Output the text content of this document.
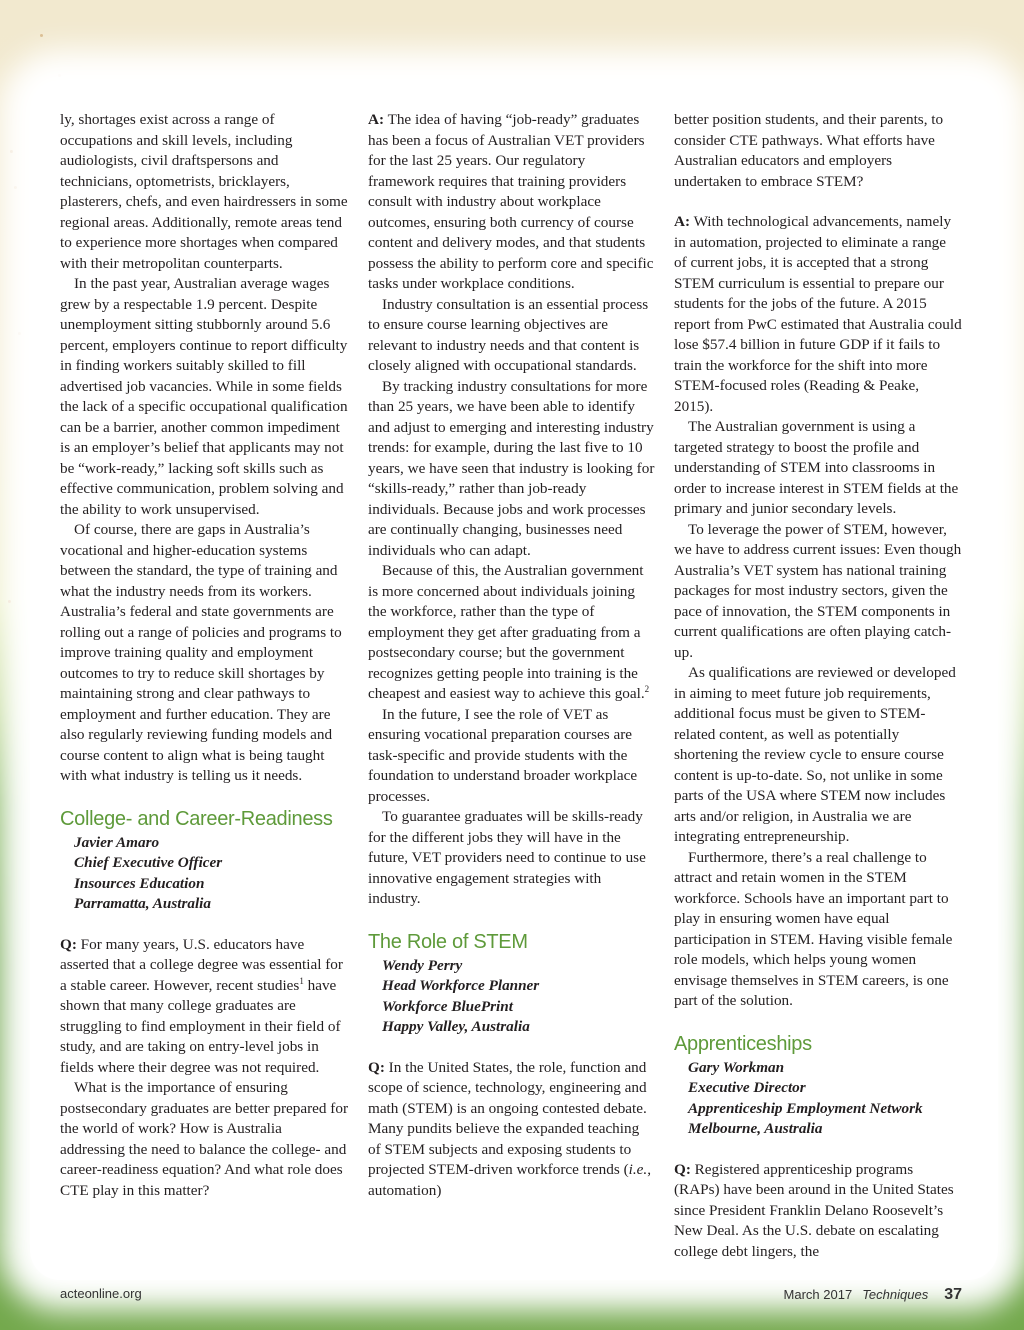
ly, shortages exist across a range of occupations and skill levels, including audiologists, civil draftspersons and technicians, optometrists, bricklayers, plasterers, chefs, and even hairdressers in some regional areas. Additionally, remote areas tend to experience more shortages when compared with their metropolitan counterparts.

In the past year, Australian average wages grew by a respectable 1.9 percent. Despite unemployment sitting stubbornly around 5.6 percent, employers continue to report difficulty in finding workers suitably skilled to fill advertised job vacancies. While in some fields the lack of a specific occupational qualification can be a barrier, another common impediment is an employer’s belief that applicants may not be “work-ready,” lacking soft skills such as effective communication, problem solving and the ability to work unsupervised.

Of course, there are gaps in Australia’s vocational and higher-education systems between the standard, the type of training and what the industry needs from its workers. Australia’s federal and state governments are rolling out a range of policies and programs to improve training quality and employment outcomes to try to reduce skill shortages by maintaining strong and clear pathways to employment and further education. They are also regularly reviewing funding models and course content to align what is being taught with what industry is telling us it needs.

College- and Career-Readiness

Javier Amaro

Chief Executive Officer

Insources Education

Parramatta, Australia

Q: For many years, U.S. educators have asserted that a college degree was essential for a stable career. However, recent studies$^1$ have shown that many college graduates are struggling to find employment in their field of study, and are taking on entry-level jobs in fields where their degree was not required.

What is the importance of ensuring postsecondary graduates are better prepared for the world of work? How is Australia addressing the need to balance the college- and career-readiness equation? And what role does CTE play in this matter?

A: The idea of having “job-ready” graduates has been a focus of Australian VET providers for the last 25 years. Our regulatory framework requires that training providers consult with industry about workplace outcomes, ensuring both currency of course content and delivery modes, and that students possess the ability to perform core and specific tasks under workplace conditions.

Industry consultation is an essential process to ensure course learning objectives are relevant to industry needs and that content is closely aligned with occupational standards.

By tracking industry consultations for more than 25 years, we have been able to identify and adjust to emerging and interesting industry trends: for example, during the last five to 10 years, we have seen that industry is looking for “skills-ready,” rather than job-ready individuals. Because jobs and work processes are continually changing, businesses need individuals who can adapt.

Because of this, the Australian government is more concerned about individuals joining the workforce, rather than the type of employment they get after graduating from a postsecondary course; but the government recognizes getting people into training is the cheapest and easiest way to achieve this goal.$^2$

In the future, I see the role of VET as ensuring vocational preparation courses are task-specific and provide students with the foundation to understand broader workplace processes.

To guarantee graduates will be skills-ready for the different jobs they will have in the future, VET providers need to continue to use innovative engagement strategies with industry.

The Role of STEM

Wendy Perry

Head Workforce Planner

Workforce BluePrint

Happy Valley, Australia

Q: In the United States, the role, function and scope of science, technology, engineering and math (STEM) is an ongoing contested debate. Many pundits believe the expanded teaching of STEM subjects and exposing students to projected STEM-driven workforce trends (i.e., automation)

better position students, and their parents, to consider CTE pathways. What efforts have Australian educators and employers undertaken to embrace STEM?

A: With technological advancements, namely in automation, projected to eliminate a range of current jobs, it is accepted that a strong STEM curriculum is essential to prepare our students for the jobs of the future. A 2015 report from PwC estimated that Australia could lose $57.4 billion in future GDP if it fails to train the workforce for the shift into more STEM-focused roles (Reading & Peake, 2015).

The Australian government is using a targeted strategy to boost the profile and understanding of STEM into classrooms in order to increase interest in STEM fields at the primary and junior secondary levels.

To leverage the power of STEM, however, we have to address current issues: Even though Australia’s VET system has national training packages for most industry sectors, given the pace of innovation, the STEM components in current qualifications are often playing catch-up.

As qualifications are reviewed or developed in aiming to meet future job requirements, additional focus must be given to STEM-related content, as well as potentially shortening the review cycle to ensure course content is up-to-date. So, not unlike in some parts of the USA where STEM now includes arts and/or religion, in Australia we are integrating entrepreneurship.

Furthermore, there’s a real challenge to attract and retain women in the STEM workforce. Schools have an important part to play in ensuring women have equal participation in STEM. Having visible female role models, which helps young women envisage themselves in STEM careers, is one part of the solution.

Apprenticeships

Gary Workman

Executive Director

Apprenticeship Employment Network

Melbourne, Australia

Q: Registered apprenticeship programs (RAPs) have been around in the United States since President Franklin Delano Roosevelt’s New Deal. As the U.S. debate on escalating college debt lingers, the

acteonline.org	March 2017 Techniques 37
